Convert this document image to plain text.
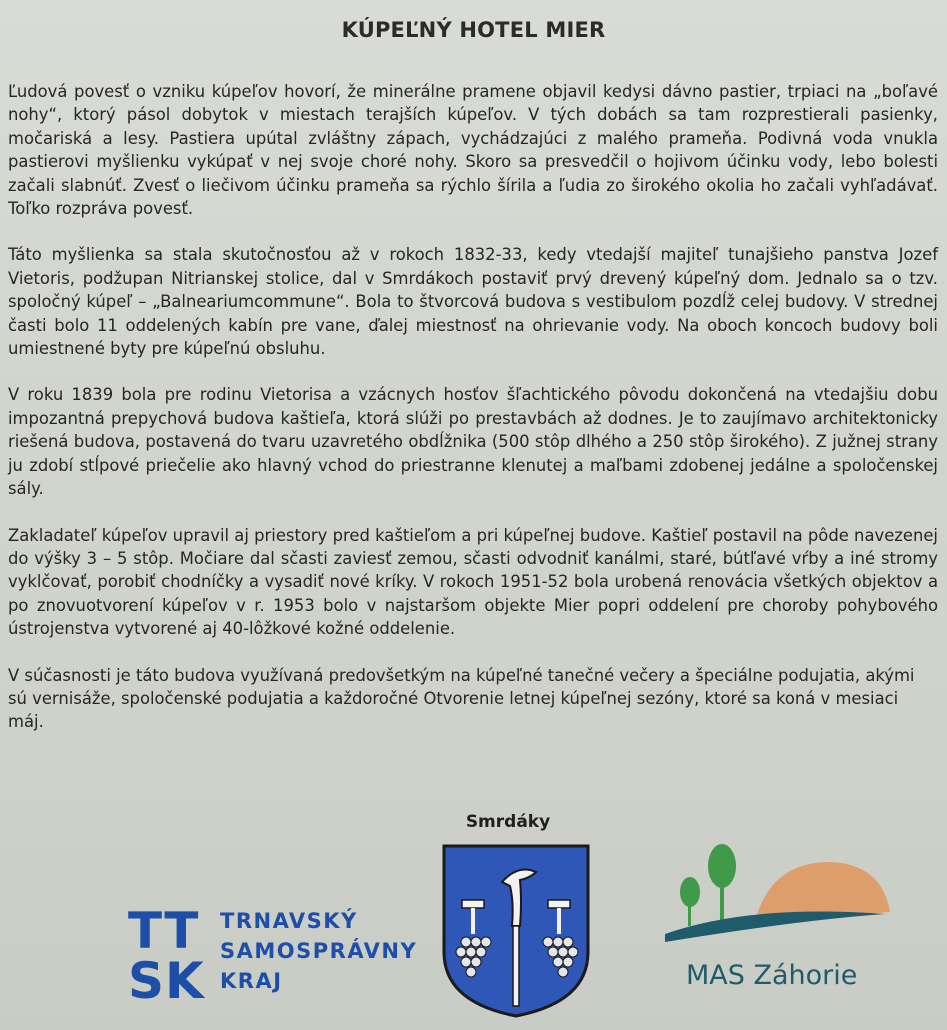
KÚPEĽNÝ HOTEL MIER

Ľudová povesť o vzniku kúpeľov hovorí, že minerálne pramene objavil kedysi dávno pastier, trpiaci na „boľavé nohy“, ktorý pásol dobytok v miestach terajších kúpeľov. V tých dobách sa tam rozprestierali pasienky, močariská a lesy. Pastiera upútal zvláštny zápach, vychádzajúci z malého prameňa. Podivná voda vnukla pastierovi myšlienku vykúpať v nej svoje choré nohy. Skoro sa presvedčil o hojivom účinku vody, lebo bolesti začali slabnúť. Zvesť o liečivom účinku prameňa sa rýchlo šírila a ľudia zo širokého okolia ho začali vyhľadávať. Toľko rozpráva povesť.

Táto myšlienka sa stala skutočnosťou až v rokoch 1832-33, kedy vtedajší majiteľ tunajšieho panstva Jozef Vietoris, podžupan Nitrianskej stolice, dal v Smrdákoch postaviť prvý drevený kúpeľný dom. Jednalo sa o tzv. spoločný kúpeľ – „Balneariumcommune“. Bola to štvorcová budova s vestibulom pozdĺž celej budovy. V strednej časti bolo 11 oddelených kabín pre vane, ďalej miestnosť na ohrievanie vody. Na oboch koncoch budovy boli umiestnené byty pre kúpeľnú obsluhu.

V roku 1839 bola pre rodinu Vietorisa a vzácnych hosťov šľachtického pôvodu dokončená na vtedajšiu dobu impozantná prepychová budova kaštieľa, ktorá slúži po prestavbách až dodnes. Je to zaujímavo architektonicky riešená budova, postavená do tvaru uzavretého obdĺžnika (500 stôp dlhého a 250 stôp širokého). Z južnej strany ju zdobí stĺpové priečelie ako hlavný vchod do priestranne klenutej a maľbami zdobenej jedálne a spoločenskej sály.

Zakladateľ kúpeľov upravil aj priestory pred kaštieľom a pri kúpeľnej budove. Kaštieľ postavil na pôde navezenej do výšky 3 – 5 stôp. Močiare dal sčasti zaviesť zemou, sčasti odvodniť kanálmi, staré, bútľavé vŕby a iné stromy vyklčovať, porobiť chodníčky a vysadiť nové kríky. V rokoch 1951-52 bola urobená renovácia všetkých objektov a po znovuotvorení kúpeľov v r. 1953 bolo v najstaršom objekte Mier popri oddelení pre choroby pohybového ústrojenstva vytvorené aj 40-lôžkové kožné oddelenie.

V súčasnosti je táto budova využívaná predovšetkým na kúpeľné tanečné večery a špeciálne podujatia, akými sú vernisáže, spoločenské podujatia a každoročné Otvorenie letnej kúpeľnej sezóny, ktoré sa koná v mesiaci máj.

TT
SK
TRNAVSKÝ
SAMOSPRÁVNY
KRAJ
Smrdáky
MAS Záhorie
